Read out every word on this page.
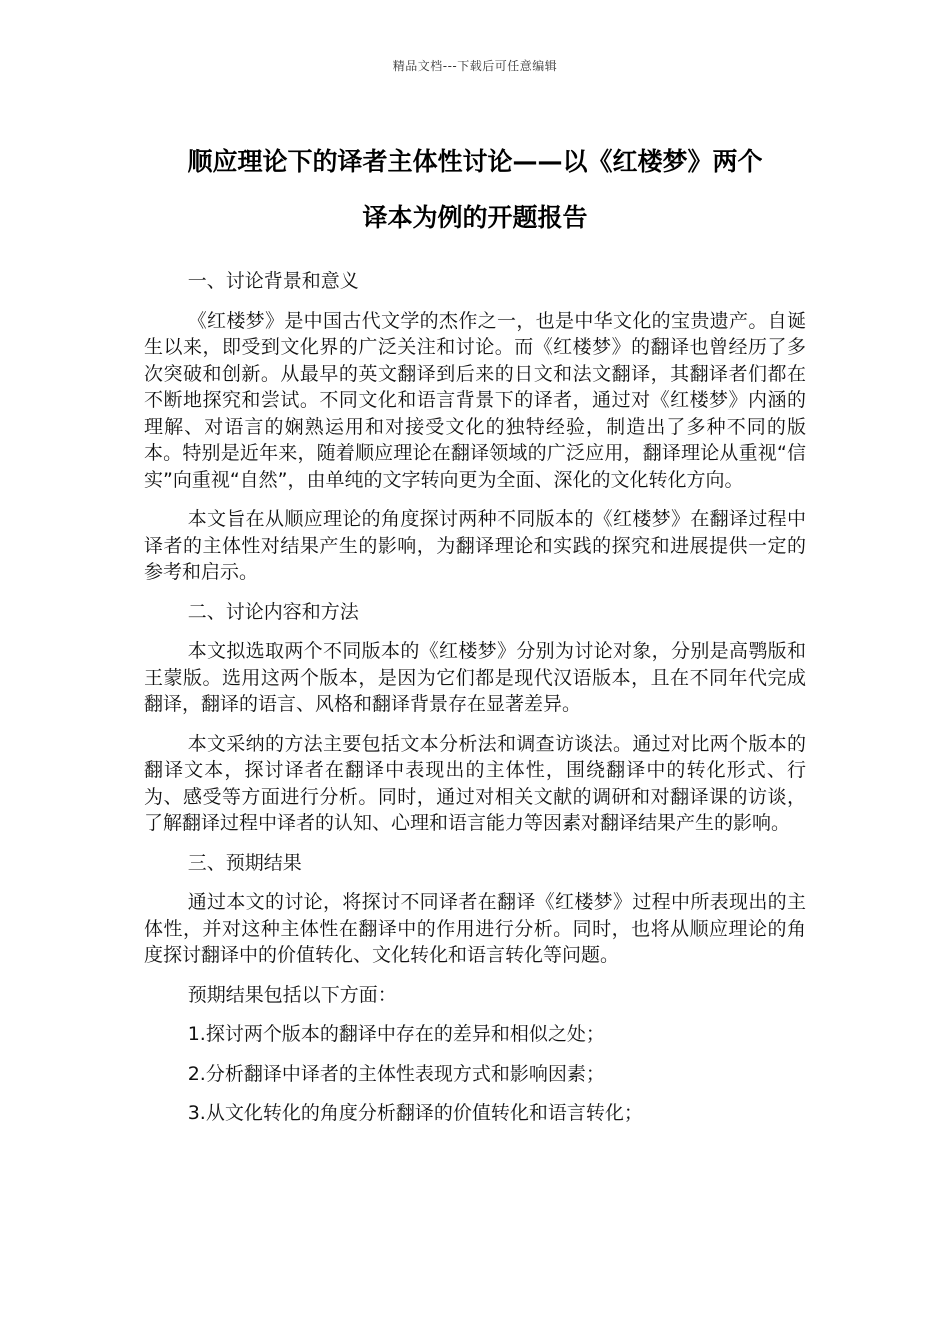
精品文档---下载后可任意编辑
顺应理论下的译者主体性讨论——以《红楼梦》两个
译本为例的开题报告

一、讨论背景和意义

《红楼梦》是中国古代文学的杰作之一，也是中华文化的宝贵遗产。自诞生以来，即受到文化界的广泛关注和讨论。而《红楼梦》的翻译也曾经历了多次突破和创新。从最早的英文翻译到后来的日文和法文翻译，其翻译者们都在不断地探究和尝试。不同文化和语言背景下的译者，通过对《红楼梦》内涵的理解、对语言的娴熟运用和对接受文化的独特经验，制造出了多种不同的版本。特别是近年来，随着顺应理论在翻译领域的广泛应用，翻译理论从重视“信实”向重视“自然”，由单纯的文字转向更为全面、深化的文化转化方向。

本文旨在从顺应理论的角度探讨两种不同版本的《红楼梦》在翻译过程中译者的主体性对结果产生的影响，为翻译理论和实践的探究和进展提供一定的参考和启示。

二、讨论内容和方法

本文拟选取两个不同版本的《红楼梦》分别为讨论对象，分别是高鹗版和王蒙版。选用这两个版本，是因为它们都是现代汉语版本，且在不同年代完成翻译，翻译的语言、风格和翻译背景存在显著差异。

本文采纳的方法主要包括文本分析法和调查访谈法。通过对比两个版本的翻译文本，探讨译者在翻译中表现出的主体性，围绕翻译中的转化形式、行为、感受等方面进行分析。同时，通过对相关文献的调研和对翻译课的访谈，了解翻译过程中译者的认知、心理和语言能力等因素对翻译结果产生的影响。

三、预期结果

通过本文的讨论，将探讨不同译者在翻译《红楼梦》过程中所表现出的主体性，并对这种主体性在翻译中的作用进行分析。同时，也将从顺应理论的角度探讨翻译中的价值转化、文化转化和语言转化等问题。

预期结果包括以下方面：

1.探讨两个版本的翻译中存在的差异和相似之处；

2.分析翻译中译者的主体性表现方式和影响因素；

3.从文化转化的角度分析翻译的价值转化和语言转化；
